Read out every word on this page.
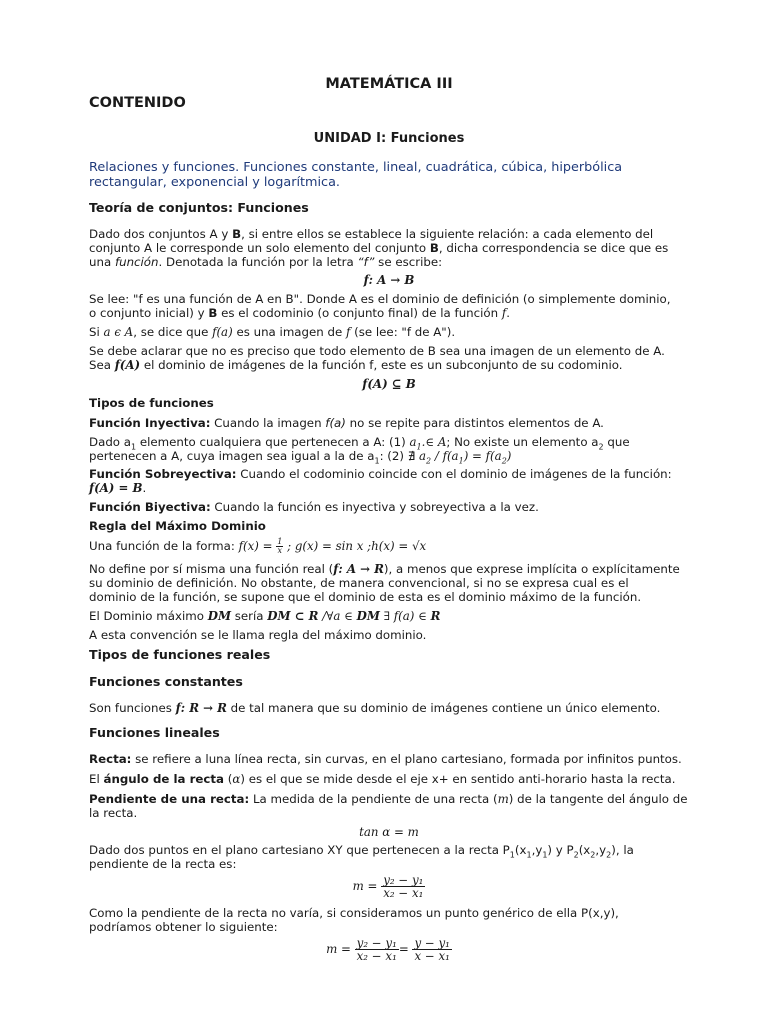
MATEMÁTICA III
CONTENIDO
UNIDAD I: Funciones

Relaciones y funciones. Funciones constante, lineal, cuadrática, cúbica, hiperbólica

rectangular, exponencial y logarítmica.

Teoría de conjuntos: Funciones

Dado dos conjuntos A y B, si entre ellos se establece la siguiente relación: a cada elemento del

conjunto A le corresponde un solo elemento del conjunto B, dicha correspondencia se dice que es

una función. Denotada la función por la letra “f” se escribe:

f: A → B

Se lee: "f es una función de A en B". Donde A es el dominio de definición (o simplemente dominio,

o conjunto inicial) y B es el codominio (o conjunto final) de la función f.

Si a ϵ A, se dice que f(a) es una imagen de f (se lee: "f de A").

Se debe aclarar que no es preciso que todo elemento de B sea una imagen de un elemento de A.

Sea f(A) el dominio de imágenes de la función f, este es un subconjunto de su codominio.

f(A) ⊆ B
Tipos de funciones

Función Inyectiva: Cuando la imagen f(a) no se repite para distintos elementos de A.

Dado $a_1$ elemento cualquiera que pertenecen a A: (1) $a_1.\in$ A; No existe un elemento $a_2$ que

pertenecen a A, cuya imagen sea igual a la de $a_1$: (2) ∄ $a_2 / f(a_1) = f(a_2)$

Función Sobreyectiva: Cuando el codominio coincide con el dominio de imágenes de la función:

f(A) = B.

Función Biyectiva: Cuando la función es inyectiva y sobreyectiva a la vez.

Regla del Máximo Dominio

Una función de la forma: $f(x) = \frac{1}{x}$ ; g(x) = sin x ;h(x) = √x

No define por sí misma una función real (f: A → R), a menos que exprese implícita o explícitamente

su dominio de definición. No obstante, de manera convencional, si no se expresa cual es el

dominio de la función, se supone que el dominio de esta es el dominio máximo de la función.

El Dominio máximo DM sería DM ⊂ R /∀a ∈ DM ∃ f(a) ∈ R

A esta convención se le llama regla del máximo dominio.
Tipos de funciones reales
Funciones constantes

Son funciones f: R → R de tal manera que su dominio de imágenes contiene un único elemento.

Funciones lineales

Recta: se refiere a luna línea recta, sin curvas, en el plano cartesiano, formada por infinitos puntos.

El ángulo de la recta (α) es el que se mide desde el eje x+ en sentido anti-horario hasta la recta.

Pendiente de una recta: La medida de la pendiente de una recta (m) de la tangente del ángulo de

la recta.

tan α = m

Dado dos puntos en el plano cartesiano XY que pertenecen a la recta $P_1(x_1,y_1)$ y $P_2(x_2,y_2)$, la

pendiente de la recta es:

$m = \frac{\text{y₂ − y₁}}{\text{x₂ − x₁}}$

Como la pendiente de la recta no varía, si consideramos un punto genérico de ella P(x,y),

podríamos obtener lo siguiente:

$m = \frac{\text{y₂ − y₁}}{\text{x₂ − x₁}} = \frac{\text{y − y₁}}{\text{x − x₁}}$
